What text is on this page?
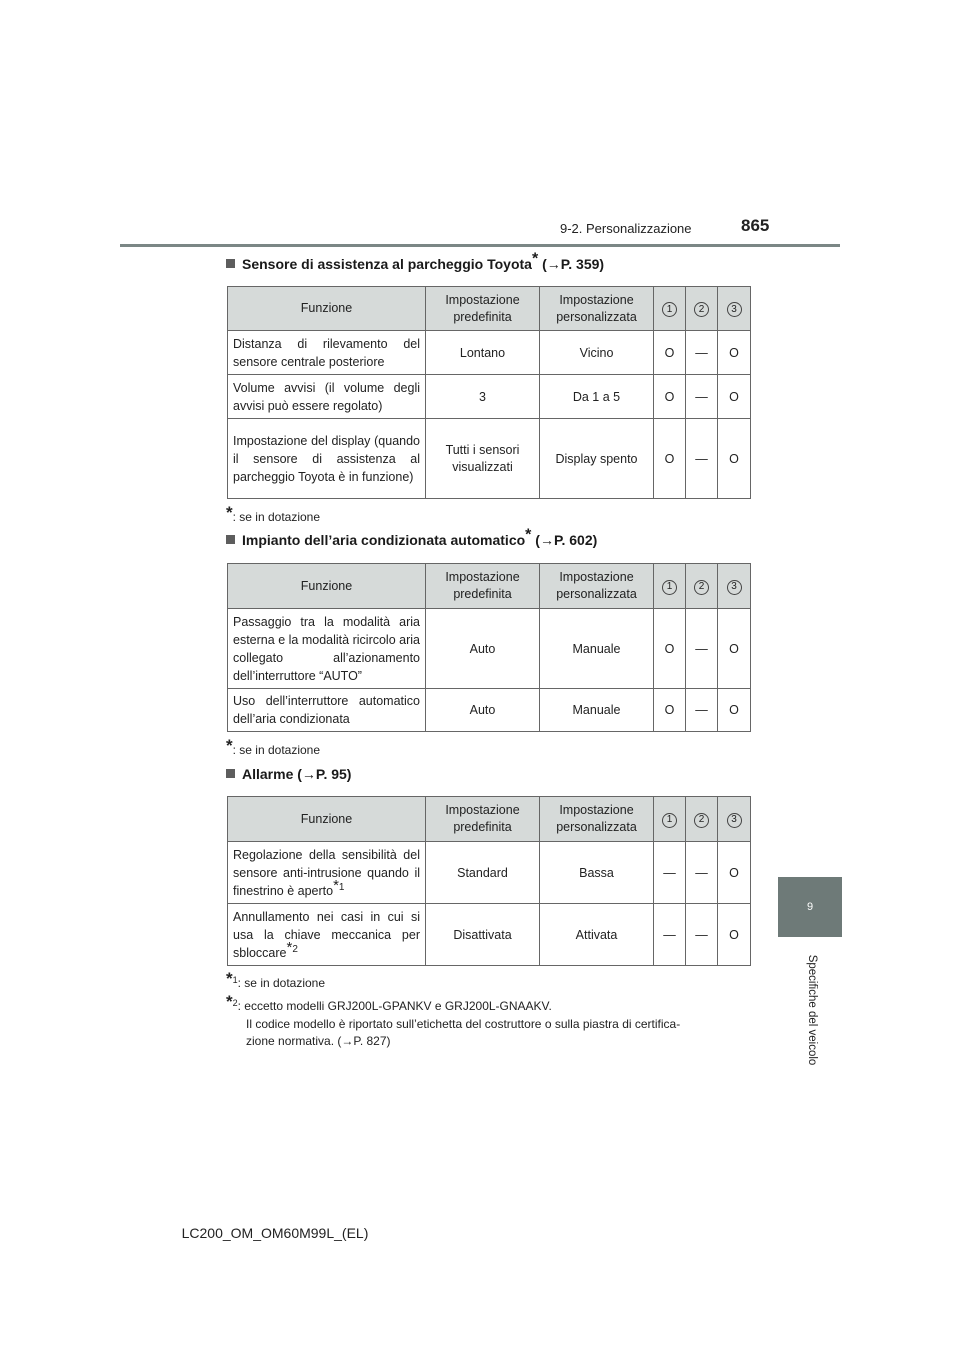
9-2. Personalizzazione	865
9
Specifiche del veicolo
Sensore di assistenza al parcheggio Toyota* (→P. 359)
Funzione	Impostazione predefinita	Impostazione personalizzata	1	2	3
Distanza di rilevamento del sensore centrale posteriore	Lontano	Vicino	O	—	O
Volume avvisi (il volume degli avvisi può essere regolato)	3	Da 1 a 5	O	—	O
Impostazione del display (quando il sensore di assistenza al parcheggio Toyota è in funzione)	Tutti i sensori visualizzati	Display spento	O	—	O
*: se in dotazione
Impianto dell’aria condizionata automatico* (→P. 602)
Funzione	Impostazione predefinita	Impostazione personalizzata	1	2	3
Passaggio tra la modalità aria esterna e la modalità ricircolo aria collegato all’azionamento dell’interruttore “AUTO”	Auto	Manuale	O	—	O
Uso dell’interruttore automatico dell’aria condizionata	Auto	Manuale	O	—	O
*: se in dotazione
Allarme (→P. 95)
Funzione	Impostazione predefinita	Impostazione personalizzata	1	2	3
Regolazione della sensibilità del sensore anti-intrusione quando il finestrino è aperto$^{*1}$	Standard	Bassa	—	—	O
Annullamento nei casi in cui si usa la chiave meccanica per sbloccare$^{*2}$	Disattivata	Attivata	—	—	O
*$^1$: se in dotazione
*$^2$: eccetto modelli GRJ200L-GPANKV e GRJ200L-GNAAKV.
Il codice modello è riportato sull’etichetta del costruttore o sulla piastra di certifica-
zione normativa. (→P. 827)
LC200_OM_OM60M99L_(EL)
